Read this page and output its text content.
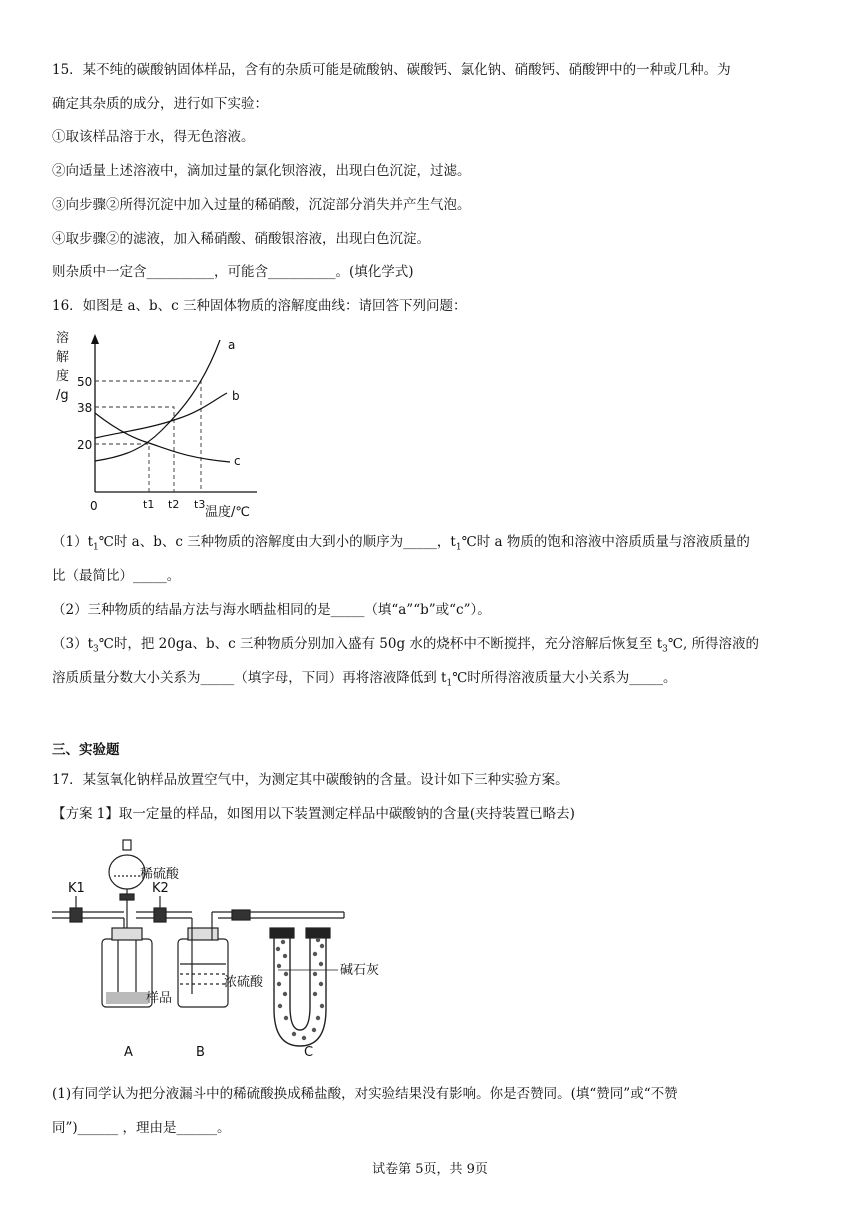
15．某不纯的碳酸钠固体样品，含有的杂质可能是硫酸钠、碳酸钙、氯化钠、硝酸钙、硝酸钾中的一种或几种。为
确定其杂质的成分，进行如下实验：
①取该样品溶于水，得无色溶液。
②向适量上述溶液中，滴加过量的氯化钡溶液，出现白色沉淀，过滤。
③向步骤②所得沉淀中加入过量的稀硝酸，沉淀部分消失并产生气泡。
④取步骤②的滤液，加入稀硝酸、硝酸银溶液，出现白色沉淀。
则杂质中一定含__________，可能含__________。(填化学式)
16．如图是 a、b、c 三种固体物质的溶解度曲线：请回答下列问题：
溶
解
度
/g
50
38
20
0	t1 t2 t3
温度/℃
a
b
c
$(1)t_1℃$时 a、b、c 三种物质的溶解度由大到小的顺序为_____，$t_1℃$时 a 物质的饱和溶液中溶质质量与溶液质量的
比（最简比）_____。
（2）三种物质的结晶方法与海水晒盐相同的是_____（填“a”“b”或“c”）。
$(3)t_3℃$时，把 20ga、b、c 三种物质分别加入盛有 50g 水的烧杯中不断搅拌，充分溶解后恢复至 $t_3℃$, 所得溶液的
溶质质量分数大小关系为_____（填字母，下同）再将溶液降低到 $t_1℃$时所得溶液质量大小关系为_____。
三、实验题
17．某氢氧化钠样品放置空气中，为测定其中碳酸钠的含量。设计如下三种实验方案。
【方案 1】取一定量的样品，如图用以下装置测定样品中碳酸钠的含量(夹持装置已略去)
稀硫酸
K1	K2
样品
浓硫酸
碱石灰
A	B	C
(1)有同学认为把分液漏斗中的稀硫酸换成稀盐酸，对实验结果没有影响。你是否赞同。(填“赞同”或“不赞
同”)______ ，理由是______。
试卷第 5页，共 9页
